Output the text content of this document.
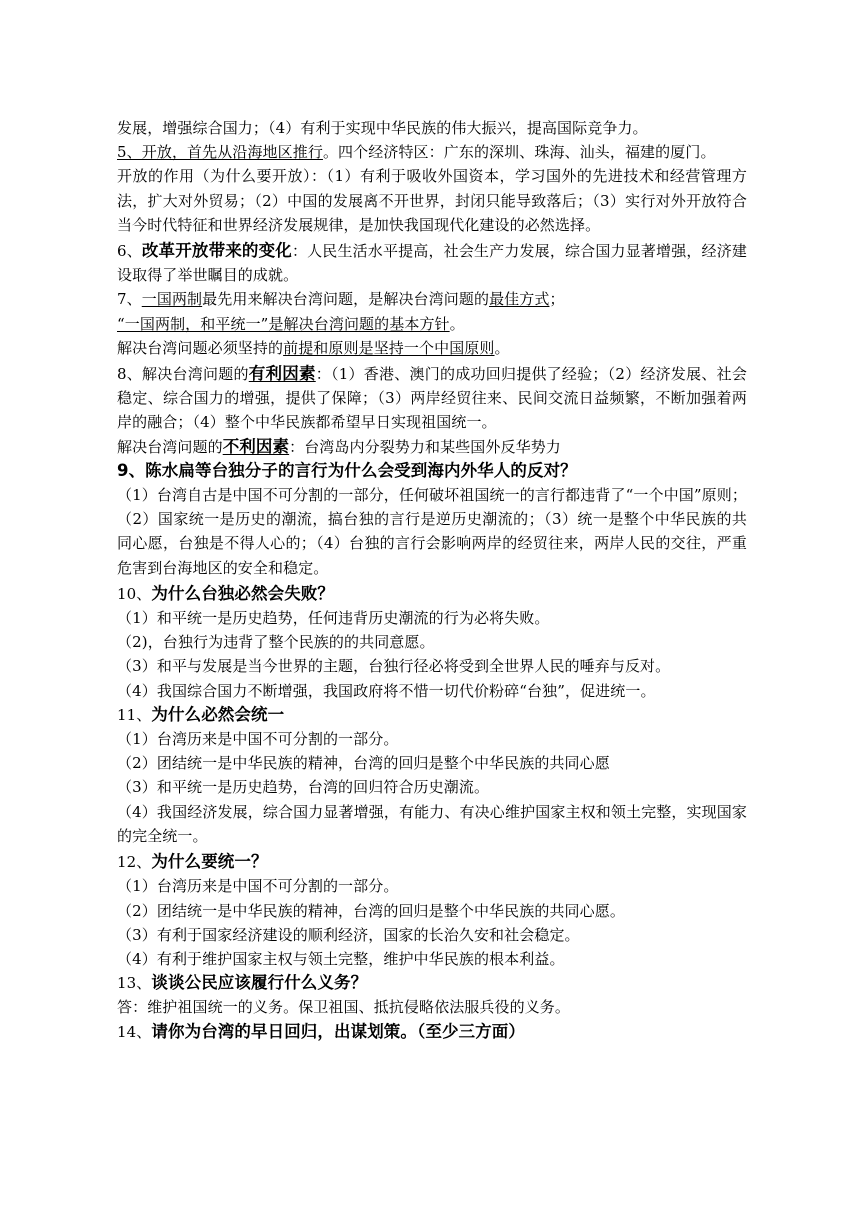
发展，增强综合国力；（4）有利于实现中华民族的伟大振兴，提高国际竞争力。

5、开放，首先从沿海地区推行。四个经济特区：广东的深圳、珠海、汕头，福建的厦门。

开放的作用（为什么要开放）：（1）有利于吸收外国资本，学习国外的先进技术和经营管理方法，扩大对外贸易；（2）中国的发展离不开世界，封闭只能导致落后；（3）实行对外开放符合当今时代特征和世界经济发展规律，是加快我国现代化建设的必然选择。

6、改革开放带来的变化：人民生活水平提高，社会生产力发展，综合国力显著增强，经济建设取得了举世瞩目的成就。

7、一国两制最先用来解决台湾问题，是解决台湾问题的最佳方式；

“一国两制，和平统一”是解决台湾问题的基本方针。

解决台湾问题必须坚持的前提和原则是坚持一个中国原则。

8、解决台湾问题的有利因素：（1）香港、澳门的成功回归提供了经验；（2）经济发展、社会稳定、综合国力的增强，提供了保障；（3）两岸经贸往来、民间交流日益频繁，不断加强着两岸的融合；（4）整个中华民族都希望早日实现祖国统一。

解决台湾问题的不利因素：台湾岛内分裂势力和某些国外反华势力

9、陈水扁等台独分子的言行为什么会受到海内外华人的反对？

（1）台湾自古是中国不可分割的一部分，任何破坏祖国统一的言行都违背了“一个中国”原则；（2）国家统一是历史的潮流，搞台独的言行是逆历史潮流的；（3）统一是整个中华民族的共同心愿，台独是不得人心的；（4）台独的言行会影响两岸的经贸往来，两岸人民的交往，严重危害到台海地区的安全和稳定。

10、为什么台独必然会失败？

（1）和平统一是历史趋势，任何违背历史潮流的行为必将失败。

（2)，台独行为违背了整个民族的的共同意愿。

（3）和平与发展是当今世界的主题，台独行径必将受到全世界人民的唾弃与反对。

（4）我国综合国力不断增强，我国政府将不惜一切代价粉碎“台独”，促进统一。

11、为什么必然会统一

（1）台湾历来是中国不可分割的一部分。

（2）团结统一是中华民族的精神，台湾的回归是整个中华民族的共同心愿

（3）和平统一是历史趋势，台湾的回归符合历史潮流。

（4）我国经济发展，综合国力显著增强，有能力、有决心维护国家主权和领土完整，实现国家的完全统一。

12、为什么要统一？

（1）台湾历来是中国不可分割的一部分。

（2）团结统一是中华民族的精神，台湾的回归是整个中华民族的共同心愿。

（3）有利于国家经济建设的顺利经济，国家的长治久安和社会稳定。

（4）有利于维护国家主权与领土完整，维护中华民族的根本利益。

13、谈谈公民应该履行什么义务？

答：维护祖国统一的义务。保卫祖国、抵抗侵略依法服兵役的义务。

14、请你为台湾的早日回归，出谋划策。（至少三方面）
